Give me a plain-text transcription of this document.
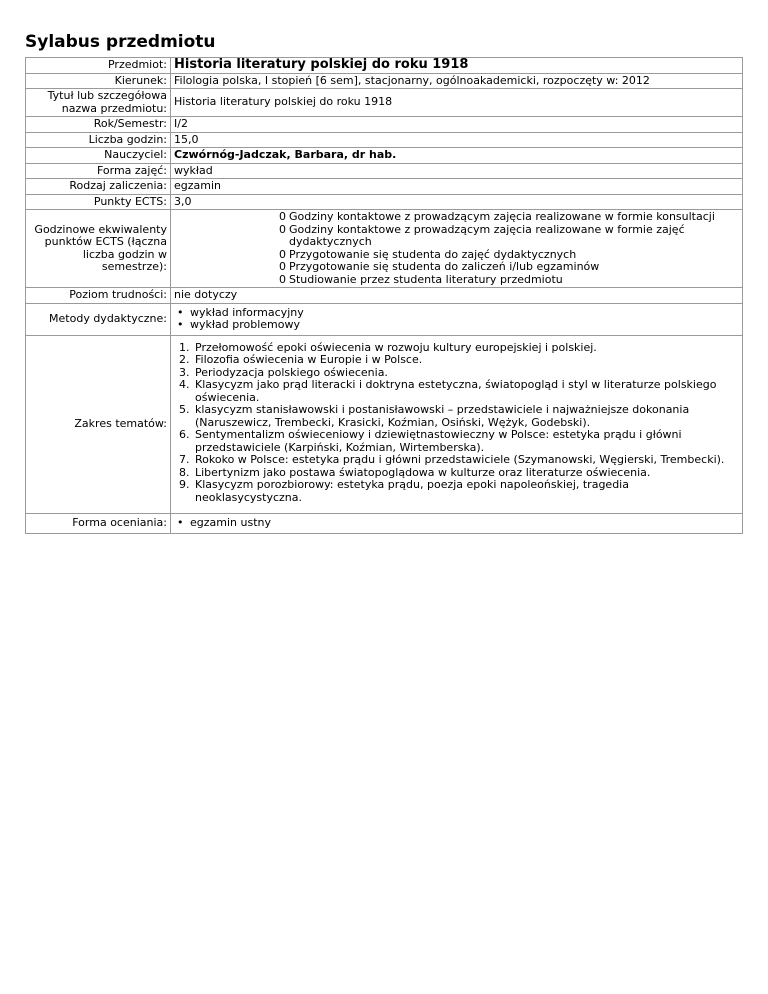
Sylabus przedmiotu
Przedmiot:	Historia literatury polskiej do roku 1918
Kierunek:	Filologia polska, I stopień [6 sem], stacjonarny, ogólnoakademicki, rozpoczęty w: 2012
Tytuł lub szczegółowa nazwa przedmiotu:	Historia literatury polskiej do roku 1918
Rok/Semestr:	I/2
Liczba godzin:	15,0
Nauczyciel:	Czwórnóg-Jadczak, Barbara, dr hab.
Forma zajęć:	wykład
Rodzaj zaliczenia:	egzamin
Punkty ECTS:	3,0
Godzinowe ekwiwalenty punktów ECTS (łączna liczba godzin w semestrze):	

0 Godziny kontaktowe z prowadzącym zajęcia realizowane w formie konsultacji
0 Godziny kontaktowe z prowadzącym zajęcia realizowane w formie zajęć dydaktycznych
0 Przygotowanie się studenta do zajęć dydaktycznych
0 Przygotowanie się studenta do zaliczeń i/lub egzaminów
0 Studiowanie przez studenta literatury przedmiotu

Poziom trudności:	nie dotyczy
Metody dydaktyczne:	
•wykład informacyjny
• wykład problemowy

Zakres tematów:	
1. Przełomowość epoki oświecenia w rozwoju kultury europejskiej i polskiej.
2. Filozofia oświecenia w Europie i w Polsce.
3. Periodyzacja polskiego oświecenia.
4. Klasycyzm jako prąd literacki i doktryna estetyczna, światopogląd i styl w literaturze polskiego oświecenia.
5. klasycyzm stanisławowski i postanisławowski – przedstawiciele i najważniejsze dokonania (Naruszewicz, Trembecki, Krasicki, Koźmian, Osiński, Wężyk, Godebski).
6. Sentymentalizm oświeceniowy i dziewiętnastowieczny w Polsce: estetyka prądu i główni przedstawiciele (Karpiński, Koźmian, Wirtemberska).
7. Rokoko w Polsce: estetyka prądu i główni przedstawiciele (Szymanowski, Węgierski, Trembecki).
8. Libertynizm jako postawa światopoglądowa w kulturze oraz literaturze oświecenia.
9. Klasycyzm porozbiorowy: estetyka prądu, poezja epoki napoleońskiej, tragedia neoklasycystyczna.

Forma oceniania:	
•egzamin ustny
